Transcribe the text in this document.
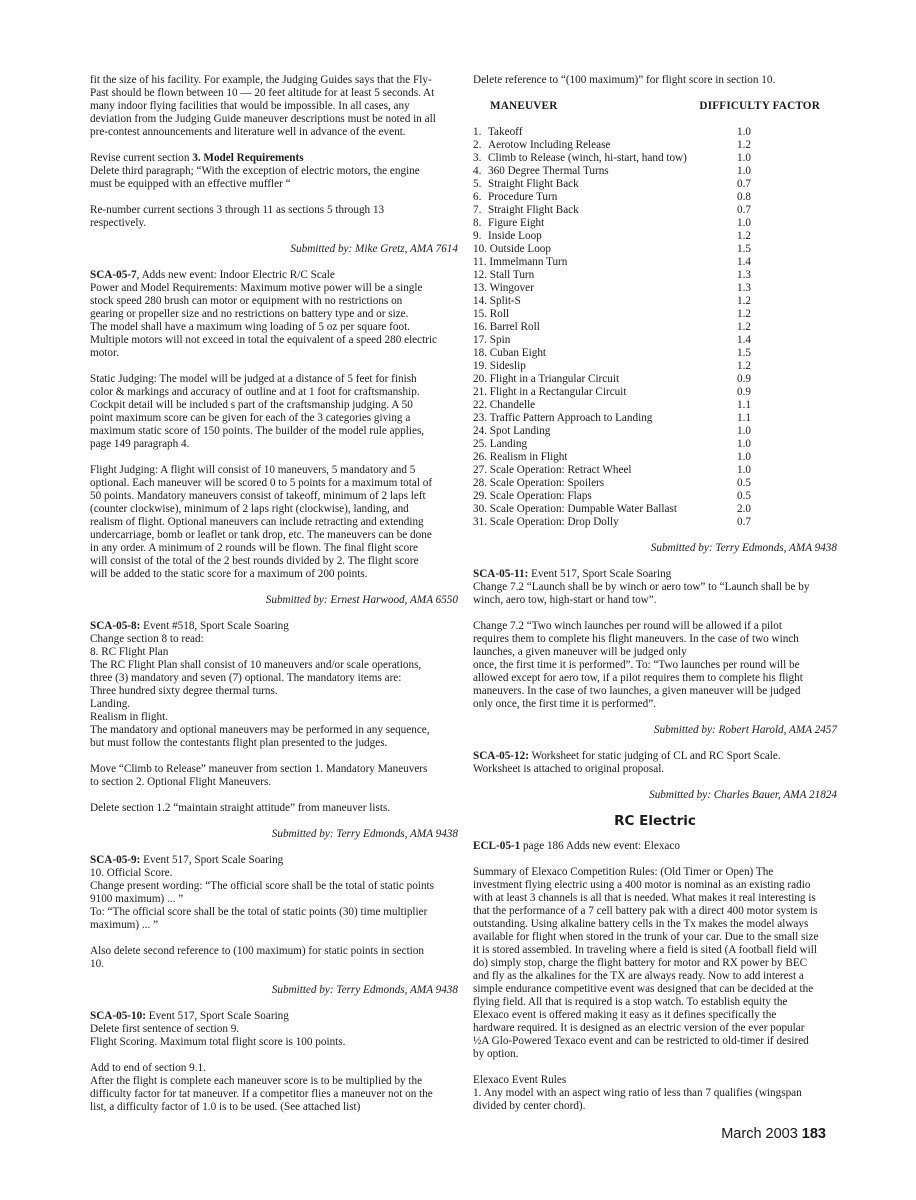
fit the size of his facility. For example, the Judging Guides says that the Fly-
Past should be flown between 10 — 20 feet altitude for at least 5 seconds. At
many indoor flying facilities that would be impossible. In all cases, any
deviation from the Judging Guide maneuver descriptions must be noted in all
pre-contest announcements and literature well in advance of the event.

Revise current section 3. Model Requirements
Delete third paragraph; “With the exception of electric motors, the engine
must be equipped with an effective muffler “

Re-number current sections 3 through 11 as sections 5 through 13
respectively.

Submitted by: Mike Gretz, AMA 7614

SCA-05-7, Adds new event: Indoor Electric R/C Scale
Power and Model Requirements: Maximum motive power will be a single
stock speed 280 brush can motor or equipment with no restrictions on
gearing or propeller size and no restrictions on battery type and or size.
The model shall have a maximum wing loading of 5 oz per square foot.
Multiple motors will not exceed in total the equivalent of a speed 280 electric
motor.

Static Judging: The model will be judged at a distance of 5 feet for finish
color & markings and accuracy of outline and at 1 foot for craftsmanship.
Cockpit detail will be included s part of the craftsmanship judging. A 50
point maximum score can be given for each of the 3 categories giving a
maximum static score of 150 points. The builder of the model rule applies,
page 149 paragraph 4.

Flight Judging: A flight will consist of 10 maneuvers, 5 mandatory and 5
optional. Each maneuver will be scored 0 to 5 points for a maximum total of
50 points. Mandatory maneuvers consist of takeoff, minimum of 2 laps left
(counter clockwise), minimum of 2 laps right (clockwise), landing, and
realism of flight. Optional maneuvers can include retracting and extending
undercarriage, bomb or leaflet or tank drop, etc. The maneuvers can be done
in any order. A minimum of 2 rounds will be flown. The final flight score
will consist of the total of the 2 best rounds divided by 2. The flight score
will be added to the static score for a maximum of 200 points.

Submitted by: Ernest Harwood, AMA 6550

SCA-05-8: Event #518, Sport Scale Soaring
Change section 8 to read:
8. RC Flight Plan
The RC Flight Plan shall consist of 10 maneuvers and/or scale operations,
three (3) mandatory and seven (7) optional. The mandatory items are:
Three hundred sixty degree thermal turns.
Landing.
Realism in flight.
The mandatory and optional maneuvers may be performed in any sequence,
but must follow the contestants flight plan presented to the judges.

Move “Climb to Release” maneuver from section 1. Mandatory Maneuvers
to section 2. Optional Flight Maneuvers.

Delete section 1.2 “maintain straight attitude” from maneuver lists.

Submitted by: Terry Edmonds, AMA 9438

SCA-05-9: Event 517, Sport Scale Soaring
10. Official Score.
Change present wording: “The official score shall be the total of static points
9100 maximum) ... ”
To: “The official score shall be the total of static points (30) time multiplier
maximum) ... ”

Also delete second reference to (100 maximum) for static points in section
10.

Submitted by: Terry Edmonds, AMA 9438

SCA-05-10: Event 517, Sport Scale Soaring
Delete first sentence of section 9.
Flight Scoring. Maximum total flight score is 100 points.

Add to end of section 9.1.
After the flight is complete each maneuver score is to be multiplied by the
difficulty factor for tat maneuver. If a competitor flies a maneuver not on the
list, a difficulty factor of 1.0 is to be used. (See attached list)

Delete reference to “(100 maximum)” for flight score in section 10.

MANEUVER	DIFFICULTY FACTOR
1. Takeoff	1.0
2. Aerotow Including Release	1.2
3. Climb to Release (winch, hi-start, hand tow)	1.0
4. 360 Degree Thermal Turns	1.0
5. Straight Flight Back	0.7
6. Procedure Turn	0.8
7. Straight Flight Back	0.7
8. Figure Eight	1.0
9. Inside Loop	1.2
10. Outside Loop	1.5
11. Immelmann Turn	1.4
12. Stall Turn	1.3
13. Wingover	1.3
14. Split-S	1.2
15. Roll	1.2
16. Barrel Roll	1.2
17. Spin	1.4
18. Cuban Eight	1.5
19. Sideslip	1.2
20. Flight in a Triangular Circuit	0.9
21. Flight in a Rectangular Circuit	0.9
22. Chandelle	1.1
23. Traffic Pattern Approach to Landing	1.1
24. Spot Landing	1.0
25. Landing	1.0
26. Realism in Flight	1.0
27. Scale Operation: Retract Wheel	1.0
28. Scale Operation: Spoilers	0.5
29. Scale Operation: Flaps	0.5
30. Scale Operation: Dumpable Water Ballast	2.0
31. Scale Operation: Drop Dolly	0.7
Submitted by: Terry Edmonds, AMA 9438

SCA-05-11: Event 517, Sport Scale Soaring
Change 7.2 “Launch shall be by winch or aero tow” to “Launch shall be by
winch, aero tow, high-start or hand tow”.

Change 7.2 “Two winch launches per round will be allowed if a pilot
requires them to complete his flight maneuvers. In the case of two winch
launches, a given maneuver will be judged only
once, the first time it is performed”. To: “Two launches per round will be
allowed except for aero tow, if a pilot requires them to complete his flight
maneuvers. In the case of two launches, a given maneuver will be judged
only once, the first time it is performed”.

Submitted by: Robert Harold, AMA 2457

SCA-05-12: Worksheet for static judging of CL and RC Sport Scale.
Worksheet is attached to original proposal.

Submitted by: Charles Bauer, AMA 21824
RC Electric

ECL-05-1 page 186 Adds new event: Elexaco

Summary of Elexaco Competition Rules: (Old Timer or Open) The
investment flying electric using a 400 motor is nominal as an existing radio
with at least 3 channels is all that is needed. What makes it real interesting is
that the performance of a 7 cell battery pak with a direct 400 motor system is
outstanding. Using alkaline battery cells in the Tx makes the model always
available for flight when stored in the trunk of your car. Due to the small size
it is stored assembled. In traveling where a field is sited (A football field will
do) simply stop, charge the flight battery for motor and RX power by BEC
and fly as the alkalines for the TX are always ready. Now to add interest a
simple endurance competitive event was designed that can be decided at the
flying field. All that is required is a stop watch. To establish equity the
Elexaco event is offered making it easy as it defines specifically the
hardware required. It is designed as an electric version of the ever popular
½A Glo-Powered Texaco event and can be restricted to old-timer if desired
by option.

Elexaco Event Rules
1. Any model with an aspect wing ratio of less than 7 qualifies (wingspan
divided by center chord).

March 2003 183
